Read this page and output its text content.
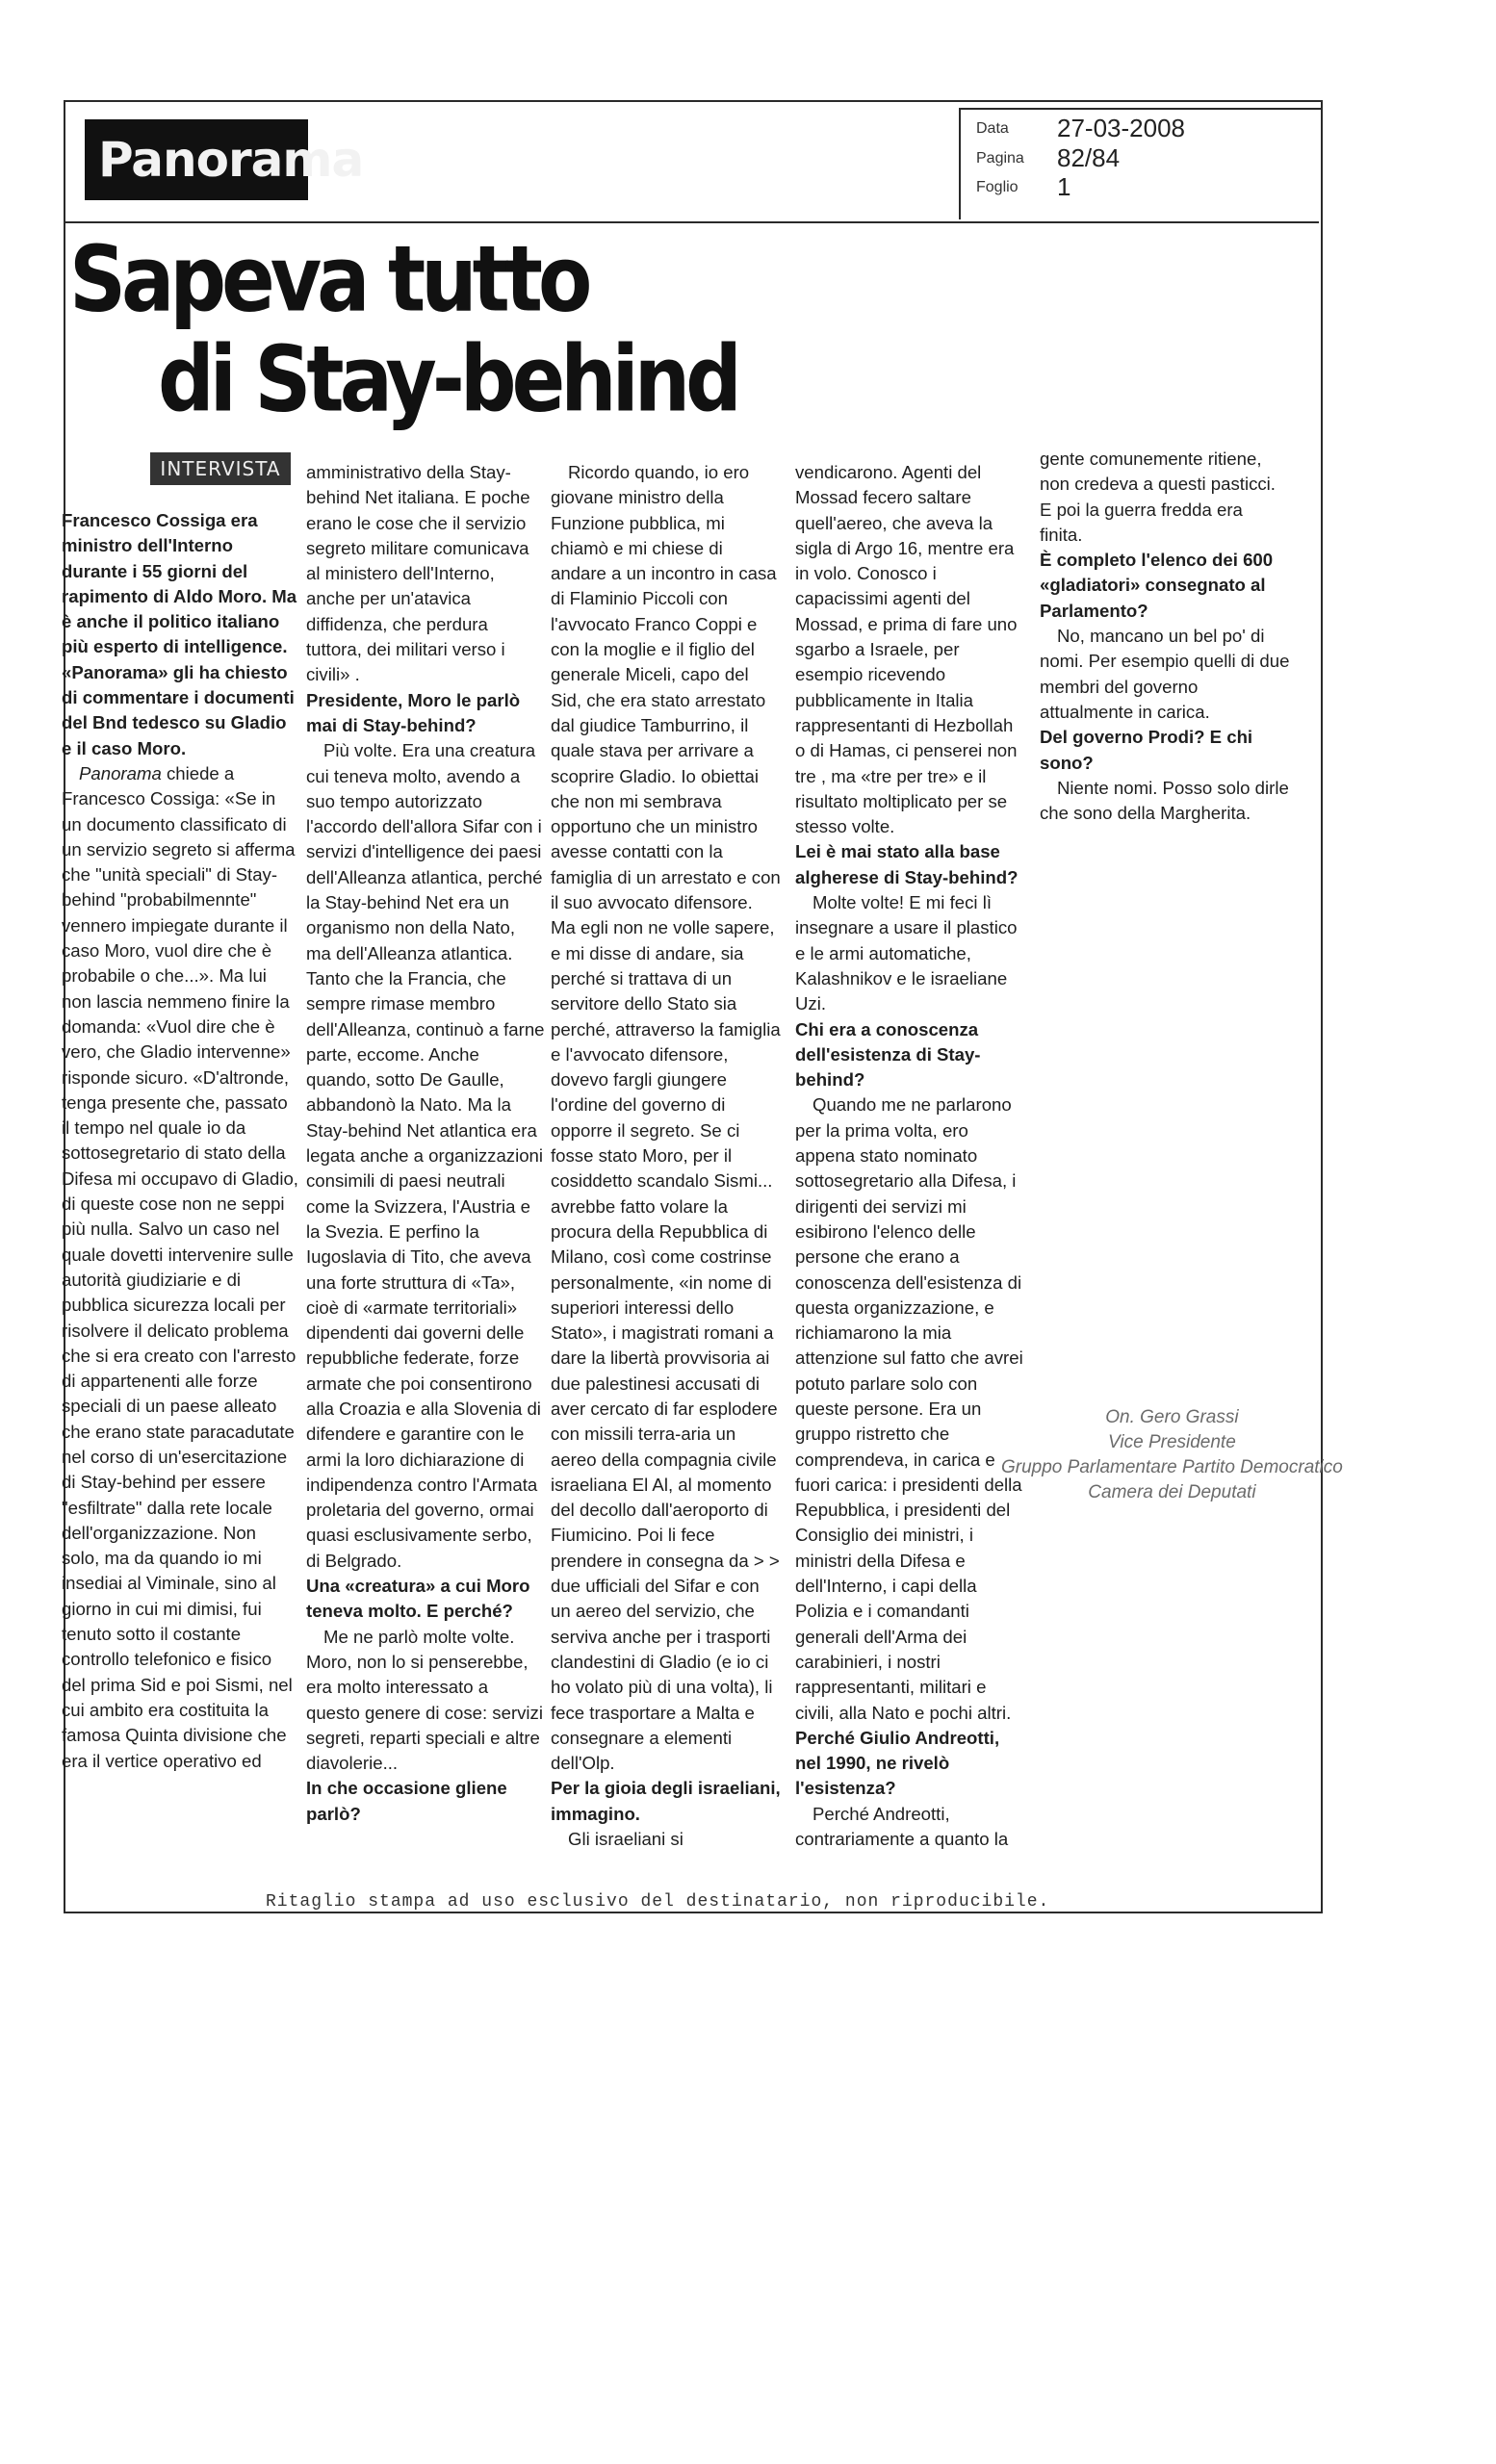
Panorama
Data
Pagina
Foglio
27-03-2008
82/84
1
Sapeva tutto
di Stay-behind
INTERVISTA

Francesco Cossiga era ministro dell'Interno durante i 55 giorni del rapimento di Aldo Moro. Ma è anche il politico italiano più esperto di intelligence. «Panorama» gli ha chiesto di commentare i documenti del Bnd tedesco su Gladio e il caso Moro.

Panorama chiede a Francesco Cossiga: «Se in un documento classificato di un servizio segreto si afferma che "unità speciali" di Stay-behind "probabilmennte" vennero impiegate durante il caso Moro, vuol dire che è probabile o che...». Ma lui non lascia nemmeno finire la domanda: «Vuol dire che è vero, che Gladio intervenne» risponde sicuro. «D'altronde, tenga presente che, passato il tempo nel quale io da sottosegretario di stato della Difesa mi occupavo di Gladio, di queste cose non ne seppi più nulla. Salvo un caso nel quale dovetti intervenire sulle autorità giudiziarie e di pubblica sicurezza locali per risolvere il delicato problema che si era creato con l'arresto di appartenenti alle forze speciali di un paese alleato che erano state paracadutate nel corso di un'esercitazione di Stay-behind per essere "esfiltrate" dalla rete locale dell'organizzazione. Non solo, ma da quando io mi insediai al Viminale, sino al giorno in cui mi dimisi, fui tenuto sotto il costante controllo telefonico e fisico del prima Sid e poi Sismi, nel cui ambito era costituita la famosa Quinta divisione che era il vertice operativo ed

amministrativo della Stay-behind Net italiana. E poche erano le cose che il servizio segreto militare comunicava al ministero dell'Interno, anche per un'atavica diffidenza, che perdura tuttora, dei militari verso i civili» .

Presidente, Moro le parlò mai di Stay-behind?

Più volte. Era una creatura cui teneva molto, avendo a suo tempo autorizzato l'accordo dell'allora Sifar con i servizi d'intelligence dei paesi dell'Alleanza atlantica, perché la Stay-behind Net era un organismo non della Nato, ma dell'Alleanza atlantica. Tanto che la Francia, che sempre rimase membro dell'Alleanza, continuò a farne parte, eccome. Anche quando, sotto De Gaulle, abbandonò la Nato. Ma la Stay-behind Net atlantica era legata anche a organizzazioni consimili di paesi neutrali come la Svizzera, l'Austria e la Svezia. E perfino la Iugoslavia di Tito, che aveva una forte struttura di «Ta», cioè di «armate territoriali» dipendenti dai governi delle repubbliche federate, forze armate che poi consentirono alla Croazia e alla Slovenia di difendere e garantire con le armi la loro dichiarazione di indipendenza contro l'Armata proletaria del governo, ormai quasi esclusivamente serbo, di Belgrado.

Una «creatura» a cui Moro teneva molto. E perché?

Me ne parlò molte volte. Moro, non lo si penserebbe, era molto interessato a questo genere di cose: servizi segreti, reparti speciali e altre diavolerie...

In che occasione gliene parlò?

Ricordo quando, io ero giovane ministro della Funzione pubblica, mi chiamò e mi chiese di andare a un incontro in casa di Flaminio Piccoli con l'avvocato Franco Coppi e con la moglie e il figlio del generale Miceli, capo del Sid, che era stato arrestato dal giudice Tamburrino, il quale stava per arrivare a scoprire Gladio. Io obiettai che non mi sembrava opportuno che un ministro avesse contatti con la famiglia di un arrestato e con il suo avvocato difensore. Ma egli non ne volle sapere, e mi disse di andare, sia perché si trattava di un servitore dello Stato sia perché, attraverso la famiglia e l'avvocato difensore, dovevo fargli giungere l'ordine del governo di opporre il segreto. Se ci fosse stato Moro, per il cosiddetto scandalo Sismi... avrebbe fatto volare la procura della Repubblica di Milano, così come costrinse personalmente, «in nome di superiori interessi dello Stato», i magistrati romani a dare la libertà provvisoria ai due palestinesi accusati di aver cercato di far esplodere con missili terra-aria un aereo della compagnia civile israeliana El Al, al momento del decollo dall'aeroporto di Fiumicino. Poi li fece prendere in consegna da > > due ufficiali del Sifar e con un aereo del servizio, che serviva anche per i trasporti clandestini di Gladio (e io ci ho volato più di una volta), li fece trasportare a Malta e consegnare a elementi dell'Olp.

Per la gioia degli israeliani, immagino.

Gli israeliani si

vendicarono. Agenti del Mossad fecero saltare quell'aereo, che aveva la sigla di Argo 16, mentre era in volo. Conosco i capacissimi agenti del Mossad, e prima di fare uno sgarbo a Israele, per esempio ricevendo pubblicamente in Italia rappresentanti di Hezbollah o di Hamas, ci penserei non tre , ma «tre per tre» e il risultato moltiplicato per se stesso volte.

Lei è mai stato alla base algherese di Stay-behind?

Molte volte! E mi feci lì insegnare a usare il plastico e le armi automatiche, Kalashnikov e le israeliane Uzi.

Chi era a conoscenza dell'esistenza di Stay-behind?

Quando me ne parlarono per la prima volta, ero appena stato nominato sottosegretario alla Difesa, i dirigenti dei servizi mi esibirono l'elenco delle persone che erano a conoscenza dell'esistenza di questa organizzazione, e richiamarono la mia attenzione sul fatto che avrei potuto parlare solo con queste persone. Era un gruppo ristretto che comprendeva, in carica e fuori carica: i presidenti della Repubblica, i presidenti del Consiglio dei ministri, i ministri della Difesa e dell'Interno, i capi della Polizia e i comandanti generali dell'Arma dei carabinieri, i nostri rappresentanti, militari e civili, alla Nato e pochi altri.

Perché Giulio Andreotti, nel 1990, ne rivelò l'esistenza?

Perché Andreotti, contrariamente a quanto la

gente comunemente ritiene, non credeva a questi pasticci. E poi la guerra fredda era finita.

È completo l'elenco dei 600 «gladiatori» consegnato al Parlamento?

No, mancano un bel po' di nomi. Per esempio quelli di due membri del governo attualmente in carica.

Del governo Prodi? E chi sono?

Niente nomi. Posso solo dirle che sono della Margherita.

On. Gero Grassi
Vice Presidente
Gruppo Parlamentare Partito Democratico
Camera dei Deputati
Ritaglio stampa ad uso esclusivo del destinatario, non riproducibile.
